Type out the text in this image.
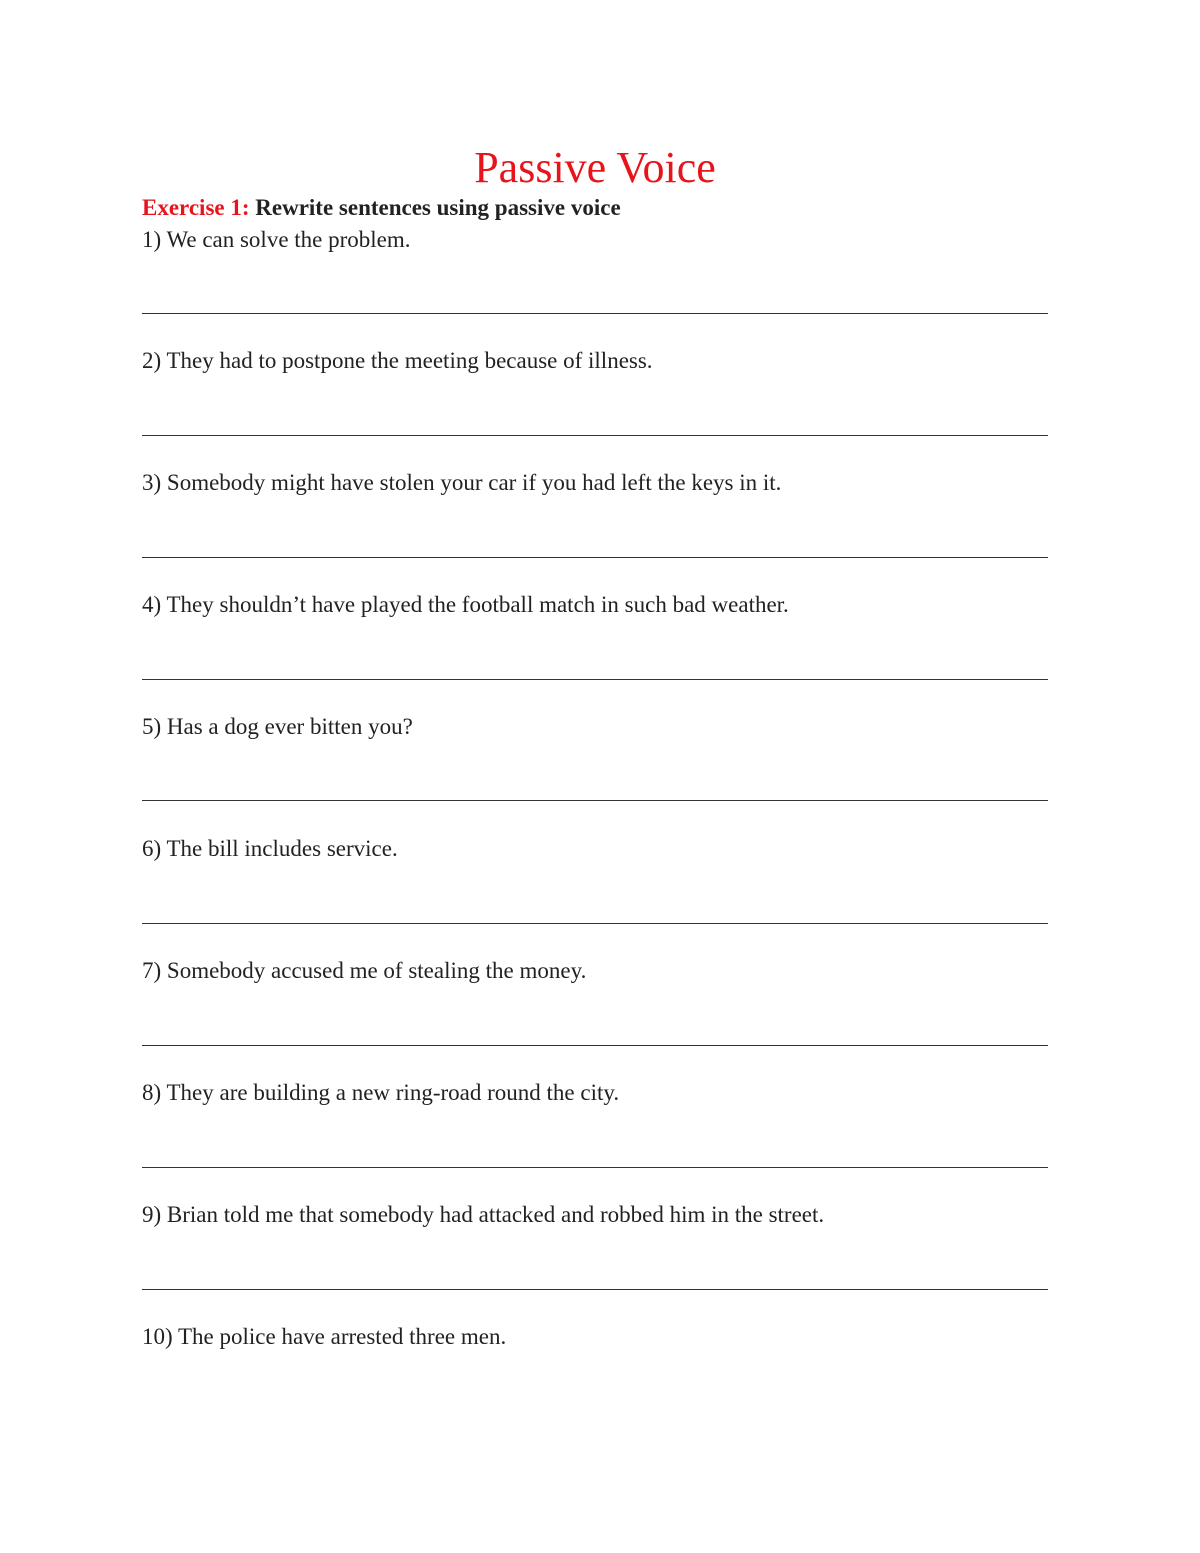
Passive Voice
Exercise 1: Rewrite sentences using passive voice
1) We can solve the problem.
2) They had to postpone the meeting because of illness.
3) Somebody might have stolen your car if you had left the keys in it.
4) They shouldn’t have played the football match in such bad weather.
5) Has a dog ever bitten you?
6) The bill includes service.
7) Somebody accused me of stealing the money.
8) They are building a new ring-road round the city.
9) Brian told me that somebody had attacked and robbed him in the street.
10) The police have arrested three men.
